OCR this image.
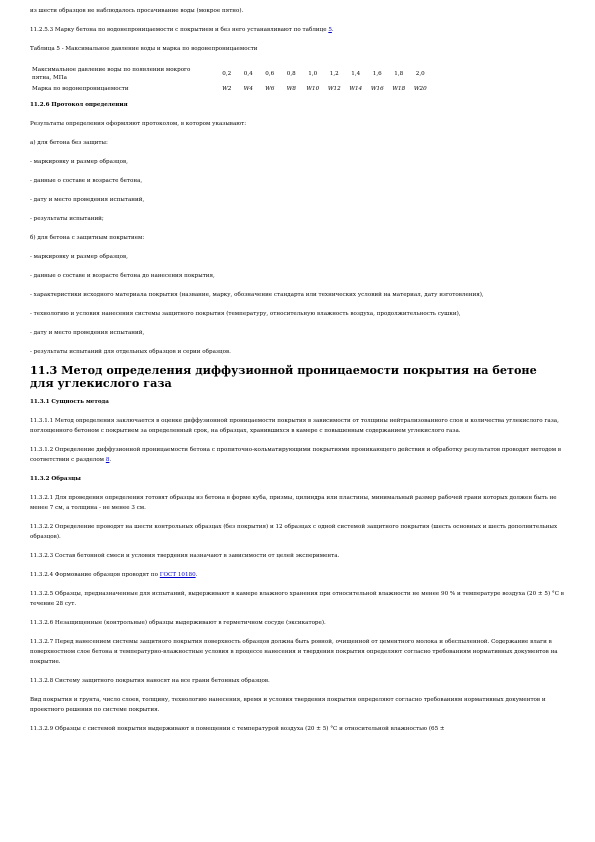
из шести образцов не наблюдалось просачивание воды (мокрое пятно).

11.2.5.3 Марку бетона по водонепроницаемости с покрытием и без него устанавливают по таблице 5.

Таблица 5 - Максимальное давление воды и марка по водонепроницаемости

Максимальное давление воды по появлении мокрого пятна, МПа	0,2	0,4	0,6	0,8	1,0	1,2	1,4	1,6	1,8	2,0
Марка по водонепроницаемости	W2	W4	W6	W8	W10	W12	W14	W16	W18	W20

11.2.6 Протокол определения

Результаты определения оформляют протоколом, в котором указывают:

а) для бетона без защиты:

- маркировку и размер образцов,

- данные о составе и возрасте бетона,

- дату и место проведения испытаний,

- результаты испытаний;

б) для бетона с защитным покрытием:

- маркировку и размер образцов,

- данные о составе и возрасте бетона до нанесения покрытия,

- характеристики исходного материала покрытия (название, марку, обозначение стандарта или технических условий на материал, дату изготовления),

- технологию и условия нанесения системы защитного покрытия (температуру, относительную влажность воздуха, продолжительность сушки),

- дату и место проведения испытаний,

- результаты испытаний для отдельных образцов и серии образцов.

11.3 Метод определения диффузионной проницаемости покрытия на бетоне для углекислого газа

11.3.1 Сущность метода

11.3.1.1 Метод определения заключается в оценке диффузионной проницаемости покрытия в зависимости от толщины нейтрализованного слоя и количества углекислого газа, поглощенного бетоном с покрытием за определенный срок, на образцах, хранившихся в камере с повышенным содержанием углекислого газа.

11.3.1.2 Определение диффузионной проницаемости бетона с пропиточно-кольматирующими покрытиями проникающего действия и обработку результатов проводят методом в соответствии с разделом 8.

11.3.2 Образцы

11.3.2.1 Для проведения определения готовят образцы из бетона в форме куба, призмы, цилиндра или пластины, минимальный размер рабочей грани которых должен быть не менее 7 см, а толщина - не менее 3 см.

11.3.2.2 Определение проводят на шести контрольных образцах (без покрытия) и 12 образцах с одной системой защитного покрытия (шесть основных и шесть дополнительных образцов).

11.3.2.3 Состав бетонной смеси и условия твердения назначают в зависимости от целей эксперимента.

11.3.2.4 Формование образцов проводят по ГОСТ 10180.

11.3.2.5 Образцы, предназначенные для испытаний, выдерживают в камере влажного хранения при относительной влажности не менее 90 % и температуре воздуха (20 ± 5) °С в течение 28 сут.

11.3.2.6 Незащищенные (контрольные) образцы выдерживают в герметичном сосуде (эксикаторе).

11.3.2.7 Перед нанесением системы защитного покрытия поверхность образцов должна быть ровной, очищенной от цементного молока и обеспыленной. Содержание влаги в поверхностном слое бетона и температурно-влажностные условия в процессе нанесения и твердения покрытия определяют согласно требованиям нормативных документов на покрытие.

11.3.2.8 Систему защитного покрытия наносят на все грани бетонных образцов.

Вид покрытия и грунта, число слоев, толщину, технологию нанесения, время и условия твердения покрытия определяют согласно требованиям нормативных документов и проектного решения по системе покрытия.

11.3.2.9 Образцы с системой покрытия выдерживают в помещении с температурой воздуха (20 ± 5) °С и относительной влажностью (65 ±
